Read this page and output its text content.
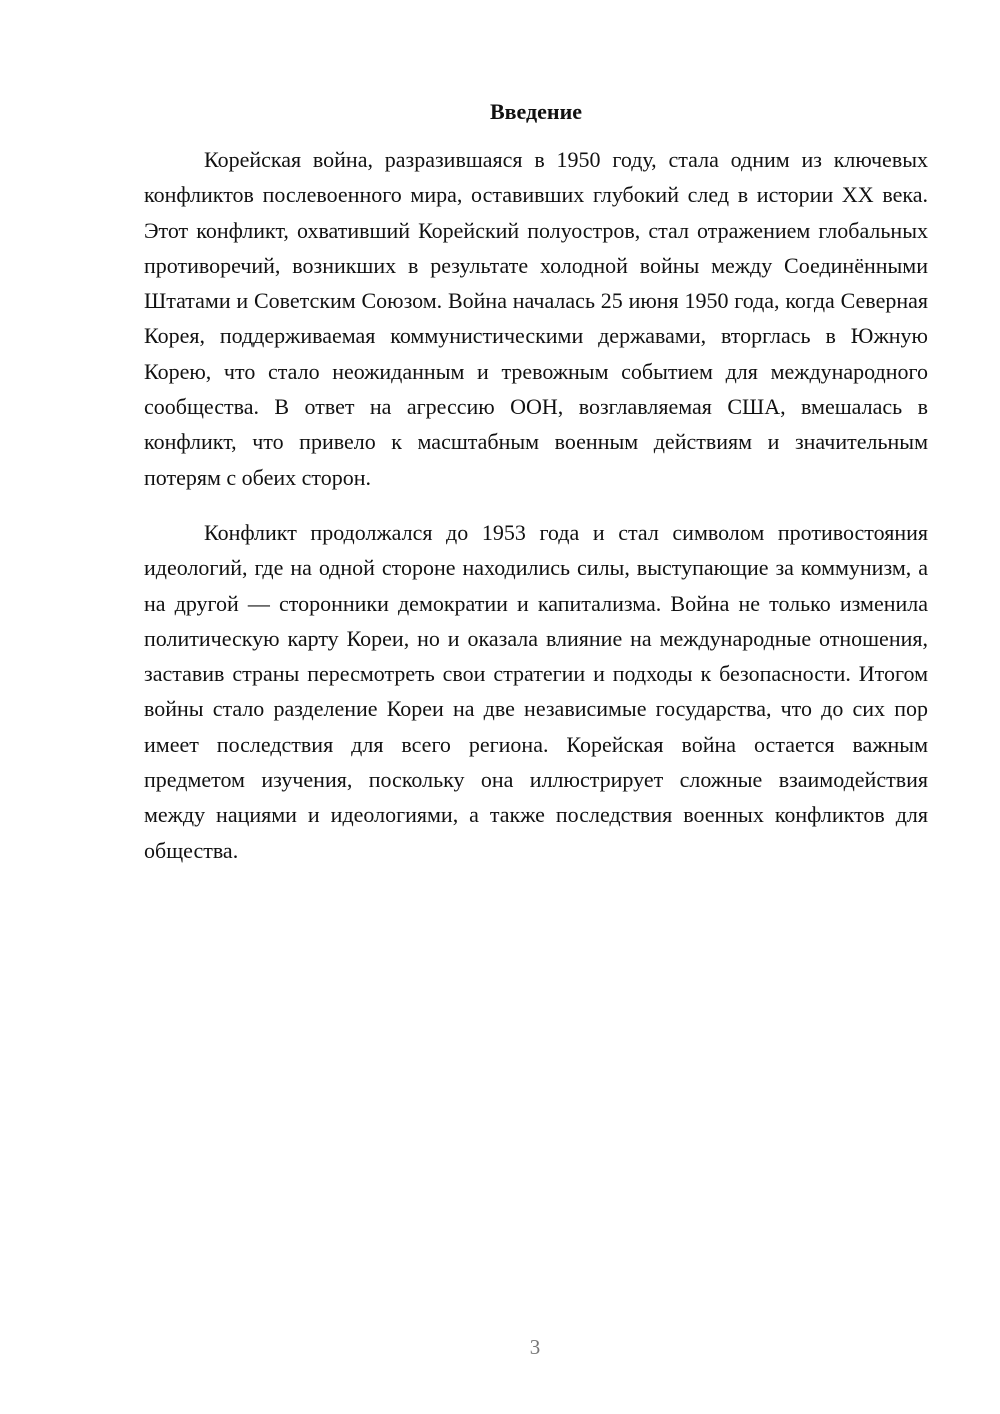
Введение

Корейская война, разразившаяся в 1950 году, стала одним из ключевых конфликтов послевоенного мира, оставивших глубокий след в истории XX века. Этот конфликт, охвативший Корейский полуостров, стал отражением глобальных противоречий, возникших в результате холодной войны между Соединёнными Штатами и Советским Союзом. Война началась 25 июня 1950 года, когда Северная Корея, поддерживаемая коммунистическими державами, вторглась в Южную Корею, что стало неожиданным и тревожным событием для международного сообщества. В ответ на агрессию ООН, возглавляемая США, вмешалась в конфликт, что привело к масштабным военным действиям и значительным потерям с обеих сторон.

Конфликт продолжался до 1953 года и стал символом противостояния идеологий, где на одной стороне находились силы, выступающие за коммунизм, а на другой — сторонники демократии и капитализма. Война не только изменила политическую карту Кореи, но и оказала влияние на международные отношения, заставив страны пересмотреть свои стратегии и подходы к безопасности. Итогом войны стало разделение Кореи на две независимые государства, что до сих пор имеет последствия для всего региона. Корейская война остается важным предметом изучения, поскольку она иллюстрирует сложные взаимодействия между нациями и идеологиями, а также последствия военных конфликтов для общества.

3
